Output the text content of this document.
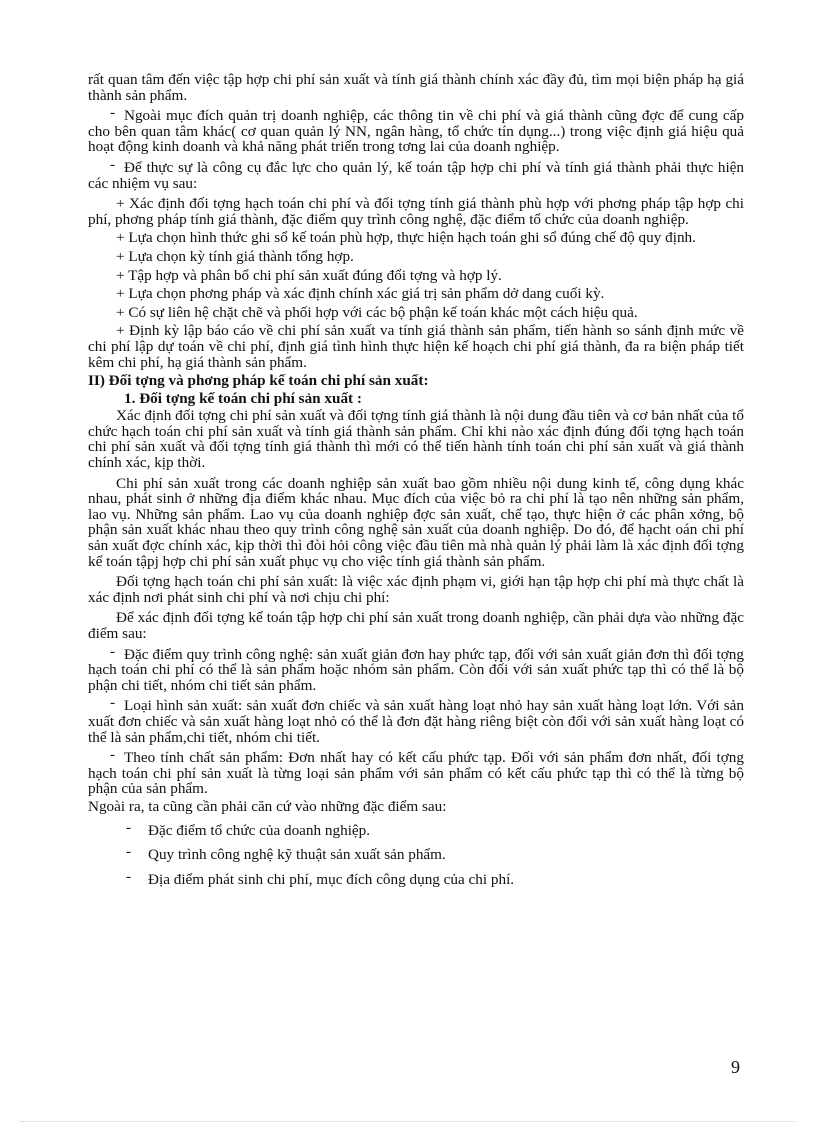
rất quan tâm đến việc tập hợp chi phí sản xuất và tính giá thành chính xác đầy đủ, tìm mọi biện pháp hạ giá thành sản phẩm.

- Ngoài mục đích quản trị doanh nghiệp, các thông tin về chi phí và giá thành cũng đợc để cung cấp cho bên quan tâm khác( cơ quan quản lý NN, ngân hàng, tổ chức tín dụng...) trong việc định giá hiệu quả hoạt động kinh doanh và khả năng phát triển trong tơng lai của doanh nghiệp.

- Để thực sự là công cụ đắc lực cho quản lý, kế toán tập hợp chi phí và tính giá thành phải thực hiện các nhiệm vụ sau:

+ Xác định đối tợng hạch toán chi phí và đối tợng tính giá thành phù hợp với phơng pháp tập hợp chi phí, phơng pháp tính giá thành, đặc điểm quy trình công nghệ, đặc điểm tổ chức của doanh nghiệp.

+ Lựa chọn hình thức ghi sổ kế toán phù hợp, thực hiện hạch toán ghi sổ đúng chế độ quy định.

+ Lựa chọn kỳ tính giá thành tổng hợp.

+ Tập hợp và phân bổ chi phí sản xuất đúng đối tợng và hợp lý.

+ Lựa chọn phơng pháp và xác định chính xác giá trị sản phẩm dở dang cuối kỳ.

+ Có sự liên hệ chặt chẽ và phối hợp với các bộ phận kế toán khác một cách hiệu quả.

+ Định kỳ lập báo cáo về chi phí sản xuất va tính giá thành sản phẩm, tiến hành so sánh định mức về chi phí lập dự toán về chi phí, định giá tình hình thực hiện kế hoạch chi phí giá thành, đa ra biện pháp tiết kêm chi phí, hạ giá thành sản phẩm.

II) Đối tợng và phơng pháp kế toán chi phí sản xuất:

1. Đối tợng kế toán chi phí sản xuất :

Xác định đối tợng chi phí sản xuất và đối tợng tính giá thành là nội dung đầu tiên và cơ bản nhất của tổ chức hạch toán chi phí sản xuất và tính giá thành sản phẩm. Chỉ khi nào xác định đúng đối tợng hạch toán chi phí sản xuất và đối tợng tính giá thành thì mới có thể tiến hành tính toán chi phí sản xuất và giá thành chính xác, kịp thời.

Chi phí sản xuất trong các doanh nghiệp sản xuất bao gồm nhiều nội dung kinh tế, công dụng khác nhau, phát sinh ở những địa điểm khác nhau. Mục đích của việc bỏ ra chi phí là tạo nên những sản phẩm, lao vụ. Những sản phẩm. Lao vụ của doanh nghiệp đợc sản xuất, chế tạo, thực hiện ở các phân xởng, bộ phận sản xuất khác nhau theo quy trình công nghệ sản xuất của doanh nghiệp. Do đó, để hạcht oán chi phí sản xuất đợc chính xác, kịp thời thì đòi hỏi công việc đầu tiên mà nhà quản lý phải làm là xác định đối tợng kế toán tậpj hợp chi phí sản xuất phục vụ cho việc tính giá thành sản phẩm.

Đối tợng hạch toán chi phí sản xuất: là việc xác định phạm vi, giới hạn tập hợp chi phí mà thực chất là xác định nơi phát sinh chi phí và nơi chịu chi phí:

Để xác định đối tợng kế toán tập hợp chi phí sản xuất trong doanh nghiệp, cần phải dựa vào những đặc điểm sau:

- Đặc điểm quy trình công nghệ: sản xuất giản đơn hay phức tạp, đối với sản xuất giản đơn thì đối tợng hạch toán chi phí có thể là sản phẩm hoặc nhóm sản phẩm. Còn đối với sản xuất phức tạp thì có thể là bộ phận chi tiết, nhóm chi tiết sản phẩm.

- Loại hình sản xuất: sản xuất đơn chiếc và sản xuất hàng loạt nhỏ hay sản xuất hàng loạt lớn. Với sản xuất đơn chiếc và sản xuất hàng loạt nhỏ có thể là đơn đặt hàng riêng biệt còn đối với sản xuất hàng loạt có thể là sản phẩm,chi tiết, nhóm chi tiết.

- Theo tính chất sản phẩm: Đơn nhất hay có kết cấu phức tạp. Đối với sản phẩm đơn nhất, đối tợng hạch toán chi phí sản xuất là từng loại sản phẩm với sản phẩm có kết cấu phức tạp thì có thể là từng bộ phận của sản phẩm.

Ngoài ra, ta cũng cần phải căn cứ vào những đặc điểm sau:

- Đặc điểm tổ chức của doanh nghiệp.

- Quy trình công nghệ kỹ thuật sản xuất sản phẩm.

- Địa điểm phát sinh chi phí, mục đích công dụng của chi phí.

9
